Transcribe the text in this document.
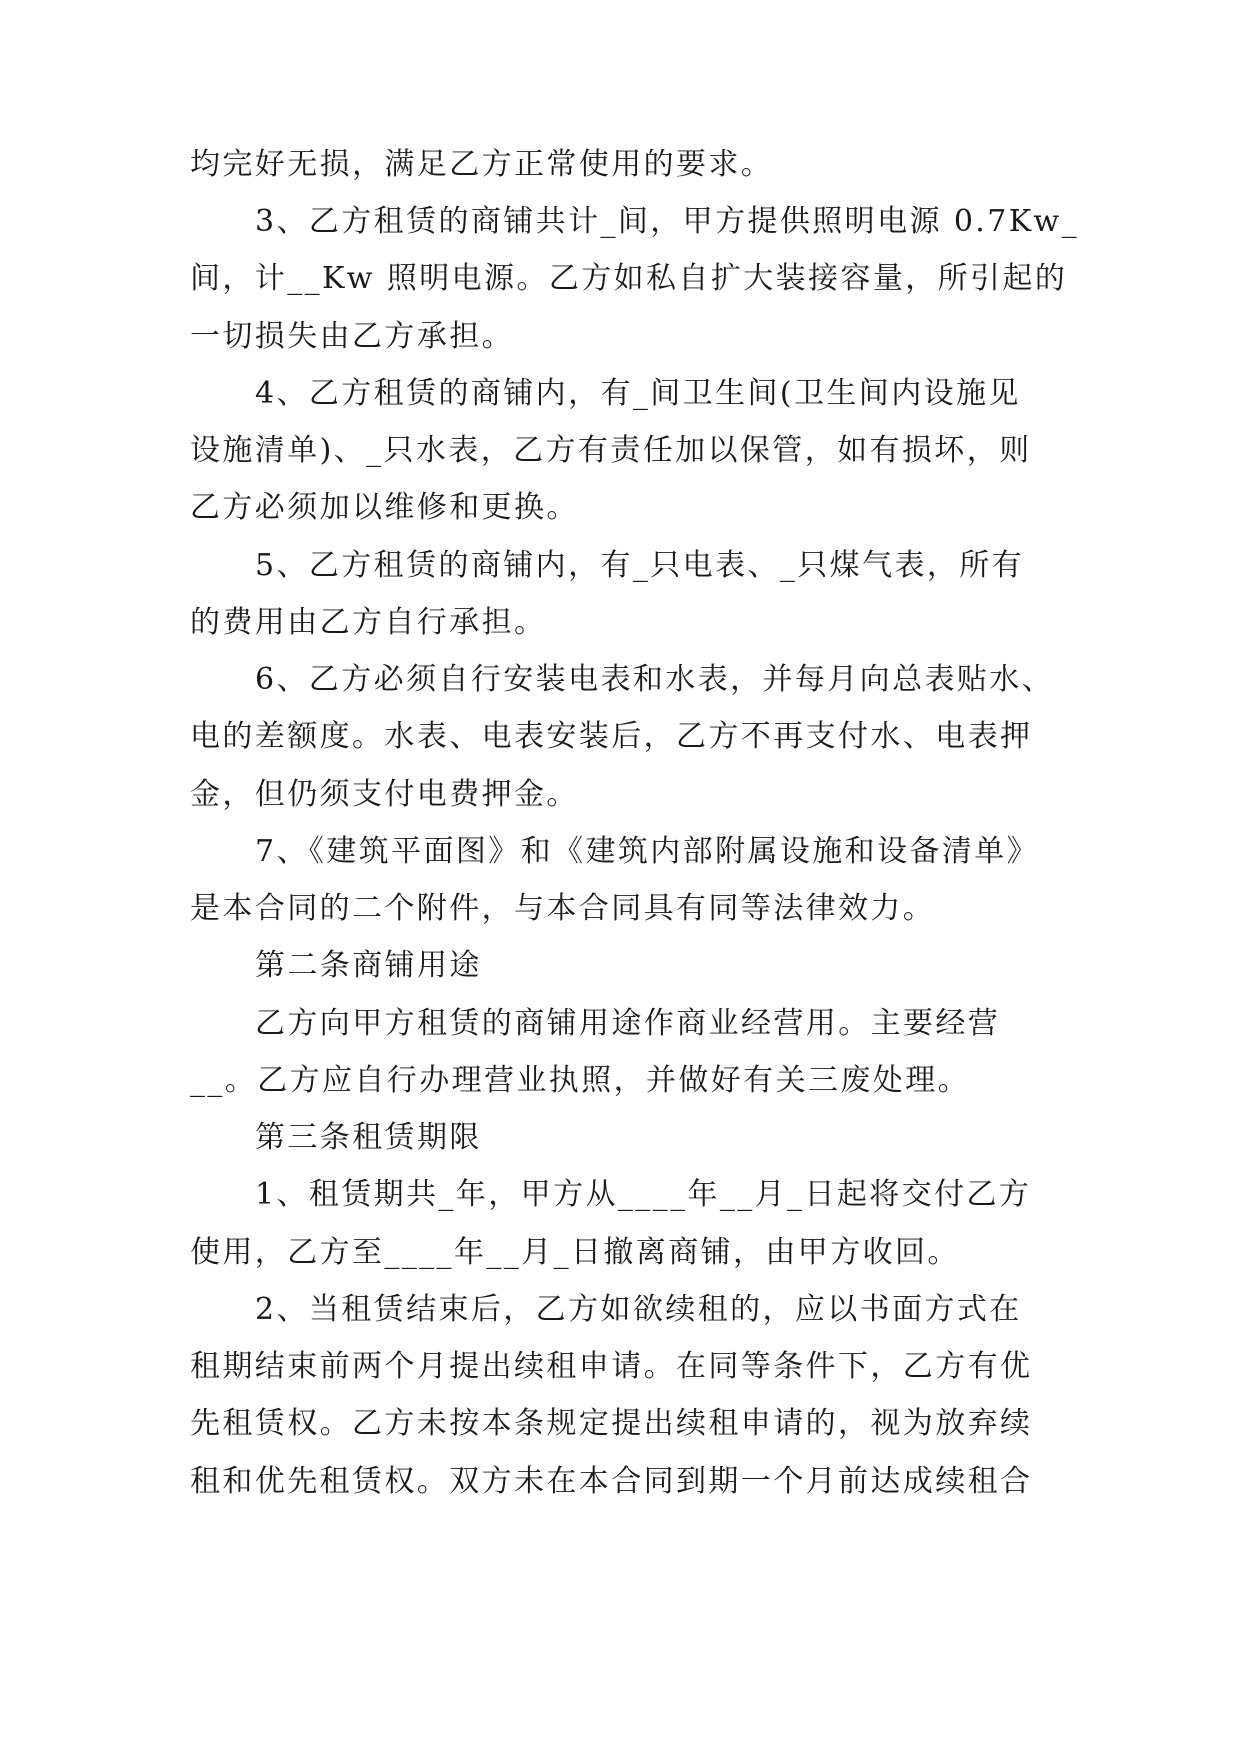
均完好无损，满足乙方正常使用的要求。
3、乙方租赁的商铺共计_间，甲方提供照明电源 0.7Kw_
间，计__Kw 照明电源。乙方如私自扩大装接容量，所引起的
一切损失由乙方承担。
4、乙方租赁的商铺内，有_间卫生间(卫生间内设施见
设施清单)、_只水表，乙方有责任加以保管，如有损坏，则
乙方必须加以维修和更换。
5、乙方租赁的商铺内，有_只电表、_只煤气表，所有
的费用由乙方自行承担。
6、乙方必须自行安装电表和水表，并每月向总表贴水、
电的差额度。水表、电表安装后，乙方不再支付水、电表押
金，但仍须支付电费押金。
7、《建筑平面图》和《建筑内部附属设施和设备清单》
是本合同的二个附件，与本合同具有同等法律效力。
第二条商铺用途
乙方向甲方租赁的商铺用途作商业经营用。主要经营
__。乙方应自行办理营业执照，并做好有关三废处理。
第三条租赁期限
1、租赁期共_年，甲方从____年__月_日起将交付乙方
使用，乙方至____年__月_日撤离商铺，由甲方收回。
2、当租赁结束后，乙方如欲续租的，应以书面方式在
租期结束前两个月提出续租申请。在同等条件下，乙方有优
先租赁权。乙方未按本条规定提出续租申请的，视为放弃续
租和优先租赁权。双方未在本合同到期一个月前达成续租合
